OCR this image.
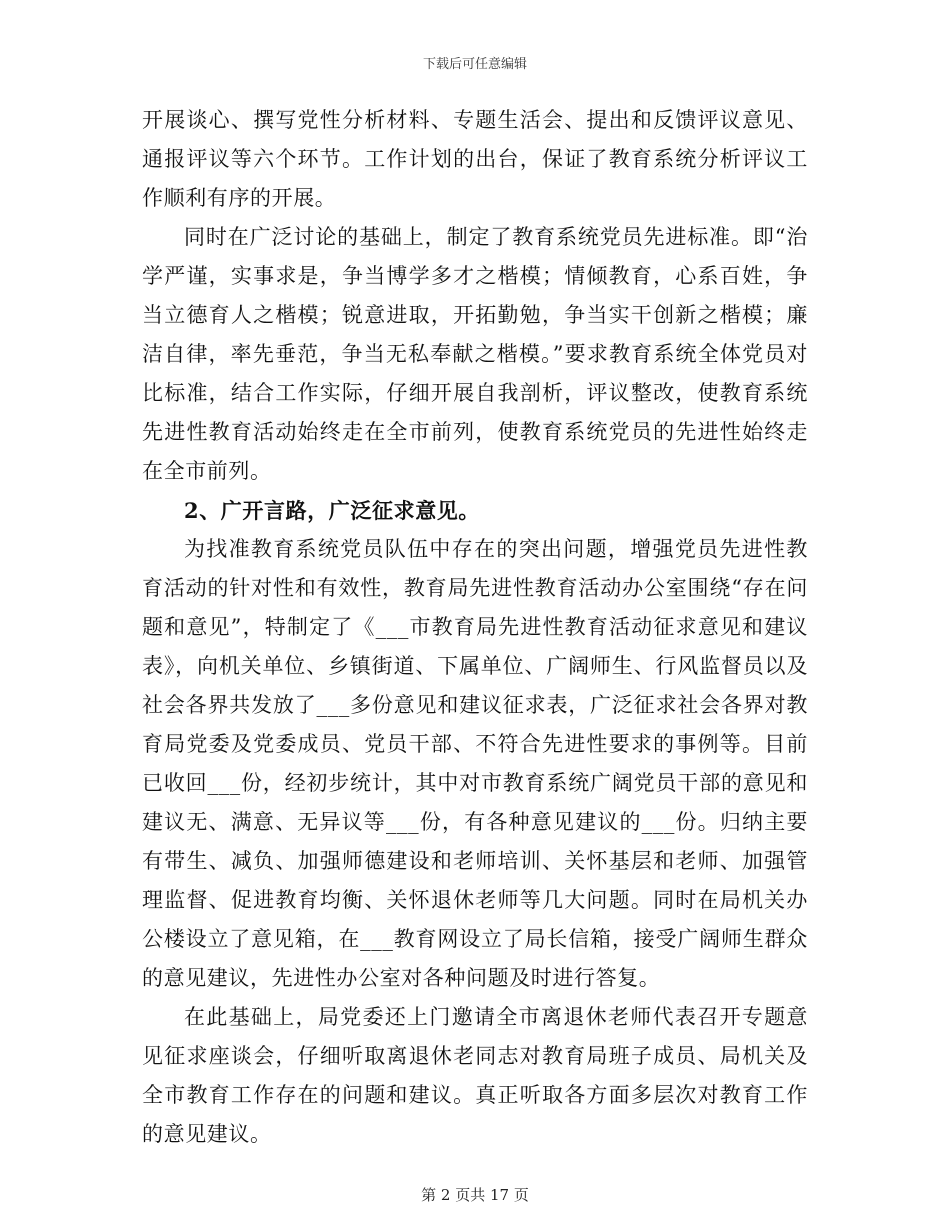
下载后可任意编辑

开展谈心、撰写党性分析材料、专题生活会、提出和反馈评议意见、通报评议等六个环节。工作计划的出台，保证了教育系统分析评议工作顺利有序的开展。

同时在广泛讨论的基础上，制定了教育系统党员先进标准。即“治学严谨，实事求是，争当博学多才之楷模；情倾教育，心系百姓，争当立德育人之楷模；锐意进取，开拓勤勉，争当实干创新之楷模；廉洁自律，率先垂范，争当无私奉献之楷模。”要求教育系统全体党员对比标准，结合工作实际，仔细开展自我剖析，评议整改，使教育系统先进性教育活动始终走在全市前列，使教育系统党员的先进性始终走在全市前列。

2、广开言路，广泛征求意见。

为找准教育系统党员队伍中存在的突出问题，增强党员先进性教育活动的针对性和有效性，教育局先进性教育活动办公室围绕“存在问题和意见”，特制定了《___市教育局先进性教育活动征求意见和建议表》，向机关单位、乡镇街道、下属单位、广阔师生、行风监督员以及社会各界共发放了___多份意见和建议征求表，广泛征求社会各界对教育局党委及党委成员、党员干部、不符合先进性要求的事例等。目前已收回___份，经初步统计，其中对市教育系统广阔党员干部的意见和建议无、满意、无异议等___份，有各种意见建议的___份。归纳主要有带生、减负、加强师德建设和老师培训、关怀基层和老师、加强管理监督、促进教育均衡、关怀退休老师等几大问题。同时在局机关办公楼设立了意见箱，在___教育网设立了局长信箱，接受广阔师生群众的意见建议，先进性办公室对各种问题及时进行答复。

在此基础上，局党委还上门邀请全市离退休老师代表召开专题意见征求座谈会，仔细听取离退休老同志对教育局班子成员、局机关及全市教育工作存在的问题和建议。真正听取各方面多层次对教育工作的意见建议。

第 2 页共 17 页
